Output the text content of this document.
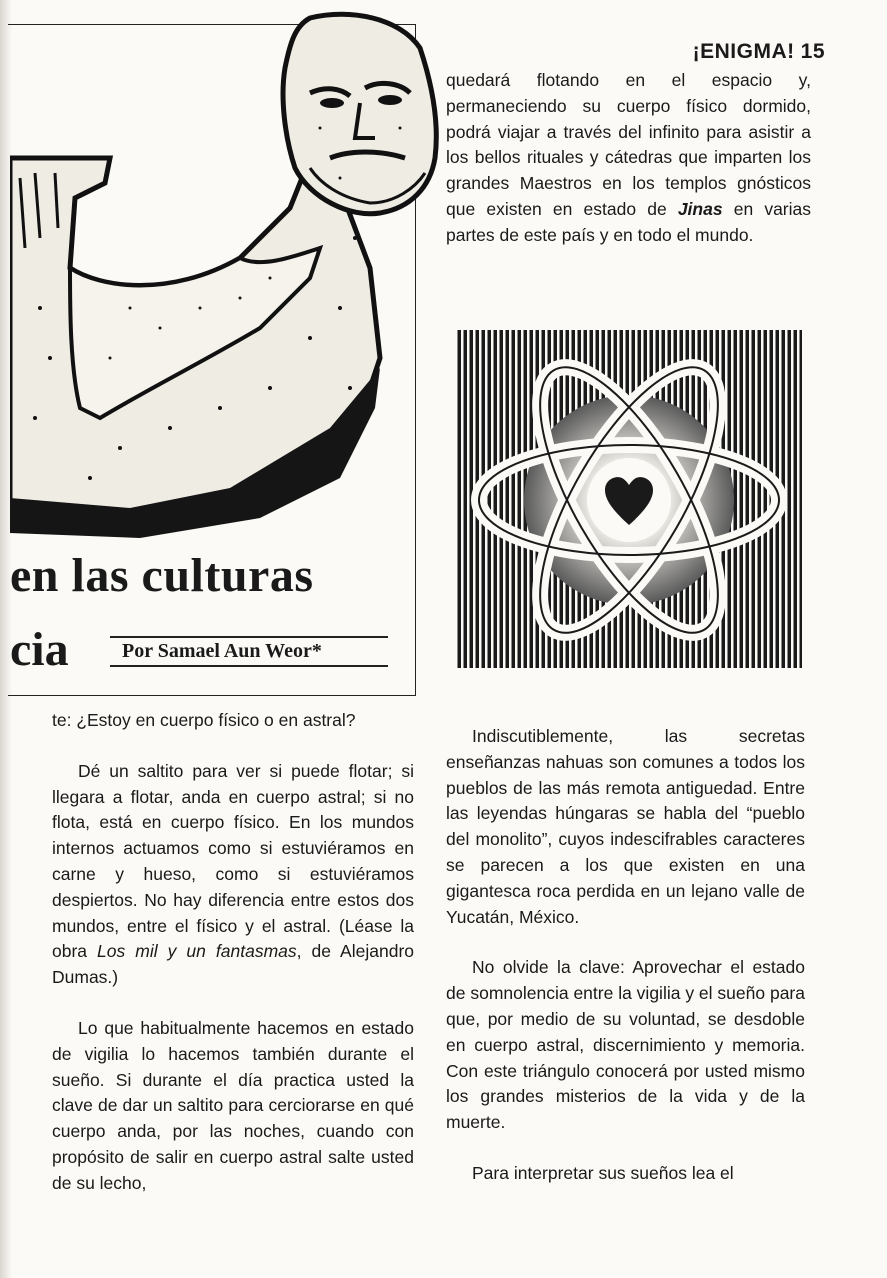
¡ENIGMA! 15
en las culturas
cia	Por Samael Aun Weor*

quedará flotando en el espacio y, permaneciendo su cuerpo físico dormido, podrá viajar a través del infinito para asistir a los bellos rituales y cátedras que imparten los grandes Maestros en los templos gnósticos que existen en estado de Jinas en varias partes de este país y en todo el mundo.

te: ¿Estoy en cuerpo físico o en astral?

Dé un saltito para ver si puede flotar; si llegara a flotar, anda en cuerpo astral; si no flota, está en cuerpo físico. En los mundos internos actuamos como si estuviéramos en carne y hueso, como si estuviéramos despiertos. No hay diferencia entre estos dos mundos, entre el físico y el astral. (Léase la obra Los mil y un fantasmas, de Alejandro Dumas.)

Lo que habitualmente hacemos en estado de vigilia lo hacemos también durante el sueño. Si durante el día practica usted la clave de dar un saltito para cerciorarse en qué cuerpo anda, por las noches, cuando con propósito de salir en cuerpo astral salte usted de su lecho,

Indiscutiblemente, las secretas enseñanzas nahuas son comunes a todos los pueblos de las más remota antiguedad. Entre las leyendas húngaras se habla del “pueblo del monolito”, cuyos indescifrables caracteres se parecen a los que existen en una gigantesca roca perdida en un lejano valle de Yucatán, México.

No olvide la clave: Aprovechar el estado de somnolencia entre la vigilia y el sueño para que, por medio de su voluntad, se desdoble en cuerpo astral, discernimiento y memoria. Con este triángulo conocerá por usted mismo los grandes misterios de la vida y de la muerte.

Para interpretar sus sueños lea el
